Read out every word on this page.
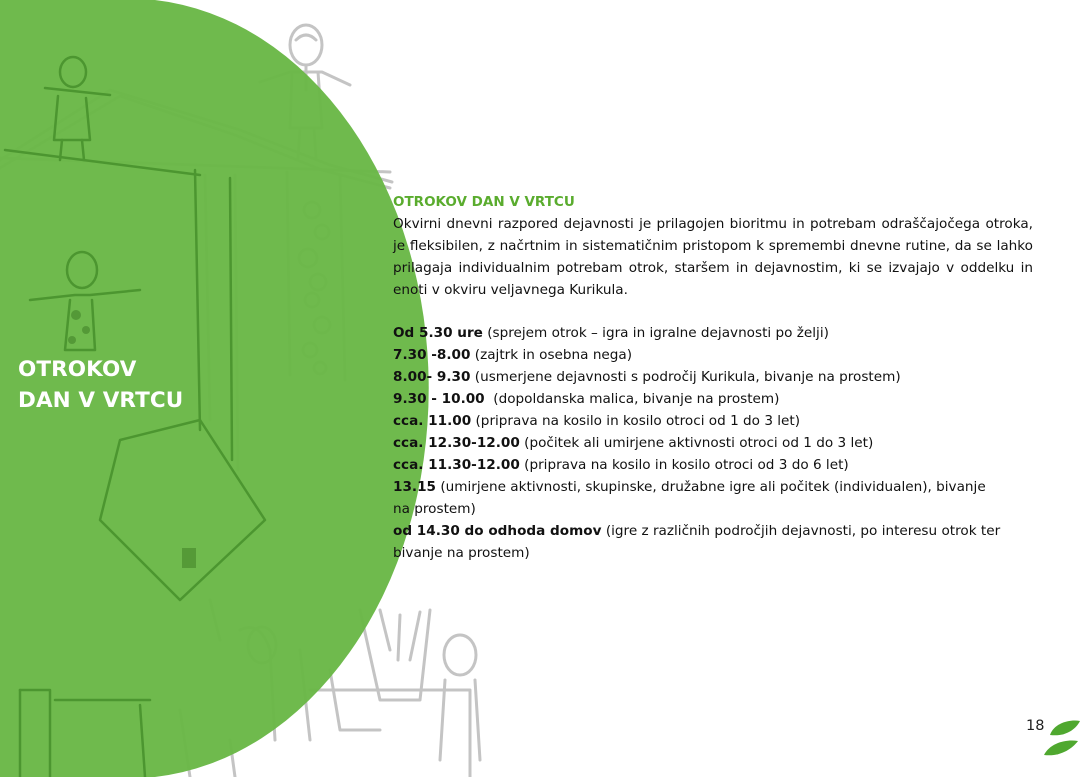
OTROKOV
DAN V VRTCU
OTROKOV DAN V VRTCU
Okvirni dnevni razpored dejavnosti je prilagojen bioritmu in potrebam odraščajočega otroka, je fleksibilen, z načrtnim in sistematičnim pristopom k spremembi dnevne rutine, da se lahko prilagaja individualnim potrebam otrok, staršem in dejavnostim, ki se izvajajo v oddelku in enoti v okviru veljavnega Kurikula.
Od 5.30 ure (sprejem otrok – igra in igralne dejavnosti po želji)
7.30 -8.00 (zajtrk in osebna nega)
8.00- 9.30 (usmerjene dejavnosti s področij Kurikula, bivanje na prostem)
9.30 - 10.00  (dopoldanska malica, bivanje na prostem)
cca. 11.00 (priprava na kosilo in kosilo otroci od 1 do 3 let)
cca. 12.30-12.00 (počitek ali umirjene aktivnosti otroci od 1 do 3 let)
cca. 11.30-12.00 (priprava na kosilo in kosilo otroci od 3 do 6 let)
13.15 (umirjene aktivnosti, skupinske, družabne igre ali počitek (individualen), bivanje na prostem)
od 14.30 do odhoda domov (igre z različnih področjih dejavnosti, po interesu otrok ter bivanje na prostem)
18
